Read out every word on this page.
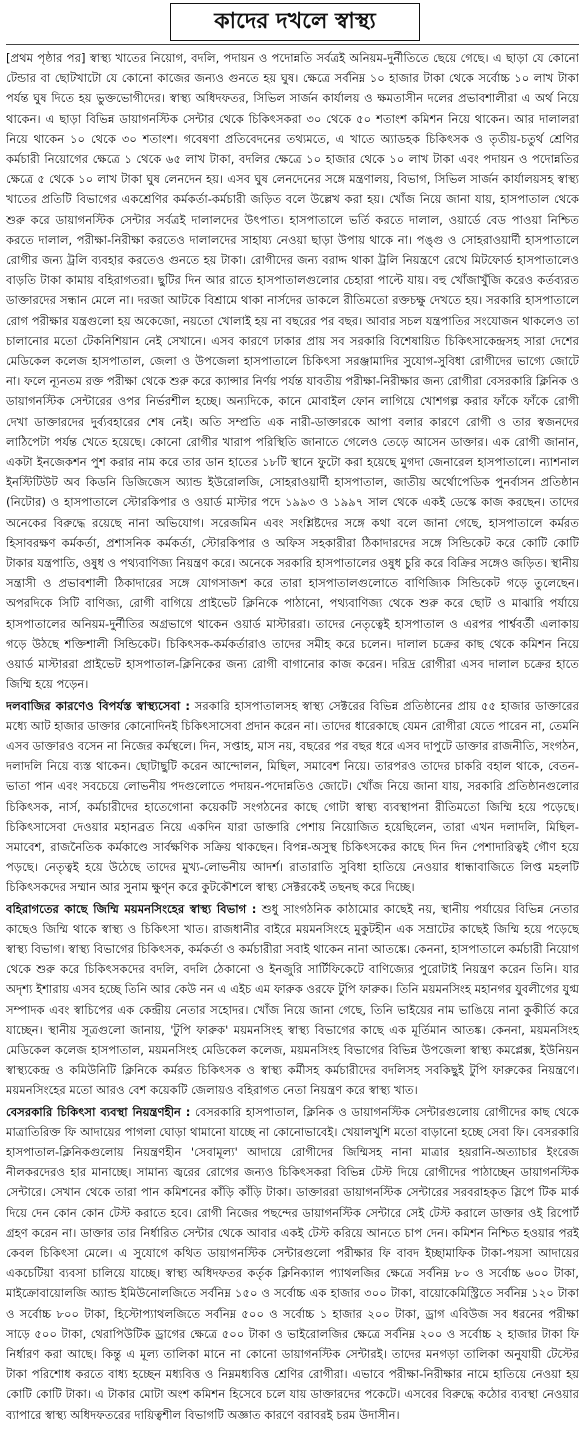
কাদের দখলে স্বাস্থ্য

[প্রথম পৃষ্ঠার পর] স্বাস্থ্য খাতের নিয়োগ, বদলি, পদায়ন ও পদোন্নতি সর্বত্রই অনিয়ম-দুর্নীতিতে ছেয়ে গেছে। এ ছাড়া যে কোনো টেন্ডার বা ছোটখাটো যে কোনো কাজের জন্যও গুনতে হয় ঘুষ। ক্ষেত্রে সর্বনিম্ন ১০ হাজার টাকা থেকে সর্বোচ্চ ১০ লাখ টাকা পর্যন্ত ঘুষ দিতে হয় ভুক্তভোগীদের। স্বাস্থ্য অধিদফতর, সিভিল সার্জন কার্যালয় ও ক্ষমতাসীন দলের প্রভাবশালীরা এ অর্থ নিয়ে থাকেন। এ ছাড়া বিভিন্ন ডায়াগনস্টিক সেন্টার থেকে চিকিৎসকরা ৩০ থেকে ৫০ শতাংশ কমিশন নিয়ে থাকেন। আর দালালরা নিয়ে থাকেন ১০ থেকে ৩০ শতাংশ। গবেষণা প্রতিবেদনের তথ্যমতে, এ খাতে অ্যাডহক চিকিৎসক ও তৃতীয়-চতুর্থ শ্রেণির কর্মচারী নিয়োগের ক্ষেত্রে ১ থেকে ৬৫ লাখ টাকা, বদলির ক্ষেত্রে ১০ হাজার থেকে ১০ লাখ টাকা এবং পদায়ন ও পদোন্নতির ক্ষেত্রে ৫ থেকে ১০ লাখ টাকা ঘুষ লেনদেন হয়। এসব ঘুষ লেনদেনের সঙ্গে মন্ত্রণালয়, বিভাগ, সিভিল সার্জন কার্যালয়সহ স্বাস্থ্য খাতের প্রতিটি বিভাগের একশ্রেণির কর্মকর্তা-কর্মচারী জড়িত বলে উল্লেখ করা হয়। খোঁজ নিয়ে জানা যায়, হাসপাতাল থেকে শুরু করে ডায়াগনস্টিক সেন্টার সর্বত্রই দালালদের উৎপাত। হাসপাতালে ভর্তি করতে দালাল, ওয়ার্ডে বেড পাওয়া নিশ্চিত করতে দালাল, পরীক্ষা-নিরীক্ষা করতেও দালালদের সাহায্য নেওয়া ছাড়া উপায় থাকে না। পঙ্গু ও সোহরাওয়ার্দী হাসপাতালে রোগীর জন্য ট্রলি ব্যবহার করতেও গুনতে হয় টাকা। রোগীদের জন্য বরাদ্দ থাকা ট্রলি নিয়ন্ত্রণে রেখে মিটফোর্ড হাসপাতালেও বাড়তি টাকা কামায় বহিরাগতরা। ছুটির দিন আর রাতে হাসপাতালগুলোর চেহারা পাল্টে যায়। বহু খোঁজাখুঁজি করেও কর্তব্যরত ডাক্তারদের সন্ধান মেলে না। দরজা আটকে বিশ্রামে থাকা নার্সদের ডাকলে রীতিমতো রক্তচক্ষু দেখতে হয়। সরকারি হাসপাতালে রোগ পরীক্ষার যন্ত্রগুলো হয় অকেজো, নয়তো খোলাই হয় না বছরের পর বছর। আবার সচল যন্ত্রপাতির সংযোজন থাকলেও তা চালানোর মতো টেকনিশিয়ান নেই সেখানে। এসব কারণে ঢাকার প্রায় সব সরকারি বিশেষায়িত চিকিৎসাকেন্দ্রসহ সারা দেশের মেডিকেল কলেজ হাসপাতাল, জেলা ও উপজেলা হাসপাতালে চিকিৎসা সরঞ্জামাদির সুযোগ-সুবিধা রোগীদের ভাগ্যে জোটে না। ফলে ন্যূনতম রক্ত পরীক্ষা থেকে শুরু করে ক্যান্সার নির্ণয় পর্যন্ত যাবতীয় পরীক্ষা-নিরীক্ষার জন্য রোগীরা বেসরকারি ক্লিনিক ও ডায়াগনস্টিক সেন্টারের ওপর নির্ভরশীল হচ্ছে। অন্যদিকে, কানে মোবাইল ফোন লাগিয়ে খোশগল্প করার ফাঁকে ফাঁকে রোগী দেখা ডাক্তারদের দুর্ব্যবহারের শেষ নেই। অতি সম্প্রতি এক নারী-ডাক্তারকে আপা বলার কারণে রোগী ও তার স্বজনদের লাঠিপেটা পর্যন্ত খেতে হয়েছে। কোনো রোগীর খারাপ পরিস্থিতি জানাতে গেলেও তেড়ে আসেন ডাক্তার। এক রোগী জানান, একটা ইনজেকশন পুশ করার নাম করে তার ডান হাতের ১৮টি স্থানে ফুটো করা হয়েছে মুগদা জেনারেল হাসপাতালে। ন্যাশনাল ইনস্টিটিউট অব কিডনি ডিজিজেস অ্যান্ড ইউরোলজি, সোহরাওয়ার্দী হাসপাতাল, জাতীয় অর্থোপেডিক পুনর্বাসন প্রতিষ্ঠান (নিটোর) ও হাসপাতালে স্টোরকিপার ও ওয়ার্ড মাস্টার পদে ১৯৯৩ ও ১৯৯৭ সাল থেকে একই ডেস্কে কাজ করছেন। তাদের অনেকের বিরুদ্ধে রয়েছে নানা অভিযোগ। সরেজমিন এবং সংশ্লিষ্টদের সঙ্গে কথা বলে জানা গেছে, হাসপাতালে কর্মরত হিসাবরক্ষণ কর্মকর্তা, প্রশাসনিক কর্মকর্তা, স্টোরকিপার ও অফিস সহকারীরা ঠিকাদারদের সঙ্গে সিন্ডিকেট করে কোটি কোটি টাকার যন্ত্রপাতি, ওষুধ ও পথ্যবাণিজ্য নিয়ন্ত্রণ করে। অনেকে সরকারি হাসপাতালের ওষুধ চুরি করে বিক্রির সঙ্গেও জড়িত। স্থানীয় সন্ত্রাসী ও প্রভাবশালী ঠিকাদারের সঙ্গে যোগসাজশ করে তারা হাসপাতালগুলোতে বাণিজ্যিক সিন্ডিকেট গড়ে তুলেছেন। অপরদিকে সিটি বাণিজ্য, রোগী বাগিয়ে প্রাইভেট ক্লিনিকে পাঠানো, পথ্যবাণিজ্য থেকে শুরু করে ছোট ও মাঝারি পর্যায়ে হাসপাতালের অনিয়ম-দুর্নীতির অগ্রভাগে থাকেন ওয়ার্ড মাস্টাররা। তাদের নেতৃত্বেই হাসপাতাল ও এরপর পার্শ্ববর্তী এলাকায় গড়ে উঠছে শক্তিশালী সিন্ডিকেট। চিকিৎসক-কর্মকর্তারাও তাদের সমীহ করে চলেন। দালাল চক্রের কাছ থেকে কমিশন নিয়ে ওয়ার্ড মাস্টাররা প্রাইভেট হাসপাতাল-ক্লিনিকের জন্য রোগী বাগানোর কাজ করেন। দরিদ্র রোগীরা এসব দালাল চক্রের হাতে জিম্মি হয়ে পড়েন।

দলবাজির কারণেও বিপর্যস্ত স্বাস্থ্যসেবা : সরকারি হাসপাতালসহ স্বাস্থ্য সেক্টরের বিভিন্ন প্রতিষ্ঠানের প্রায় ৫৫ হাজার ডাক্তারের মধ্যে আট হাজার ডাক্তার কোনোদিনই চিকিৎসাসেবা প্রদান করেন না। তাদের ধারেকাছে যেমন রোগীরা যেতে পারেন না, তেমনি এসব ডাক্তারও বসেন না নিজের কর্মস্থলে। দিন, সপ্তাহ, মাস নয়, বছরের পর বছর ধরে এসব দাপুটে ডাক্তার রাজনীতি, সংগঠন, দলাদলি নিয়ে ব্যস্ত থাকেন। ছোটাছুটি করেন আন্দোলন, মিছিল, সমাবেশ নিয়ে। তারপরও তাদের চাকরি বহাল থাকে, বেতন-ভাতা পান এবং সবচেয়ে লোভনীয় পদগুলোতে পদায়ন-পদোন্নতিও জোটে। খোঁজ নিয়ে জানা যায়, সরকারি প্রতিষ্ঠানগুলোর চিকিৎসক, নার্স, কর্মচারীদের হাতেগোনা কয়েকটি সংগঠনের কাছে গোটা স্বাস্থ্য ব্যবস্থাপনা রীতিমতো জিম্মি হয়ে পড়েছে। চিকিৎসাসেবা দেওয়ার মহানব্রত নিয়ে একদিন যারা ডাক্তারি পেশায় নিয়োজিত হয়েছিলেন, তারা এখন দলাদলি, মিছিল-সমাবেশ, রাজনৈতিক কর্মকাণ্ডে সার্বক্ষণিক সক্রিয় থাকছেন। বিপন্ন-অসুস্থ চিকিৎসকের কাছে দিন দিন পেশাদারিত্বই গৌণ হয়ে পড়ছে। নেতৃত্বই হয়ে উঠেছে তাদের মুখ্য-লোভনীয় আদর্শ। রাতারাতি সুবিধা হাতিয়ে নেওয়ার ধান্ধাবাজিতে লিপ্ত মহলটি চিকিৎসকদের সম্মান আর সুনাম ক্ষুণ্ন করে কুটকৌশলে স্বাস্থ্য সেক্টরকেই তছনছ করে দিচ্ছে।

বহিরাগতের কাছে জিম্মি ময়মনসিংহের স্বাস্থ্য বিভাগ : শুধু সাংগঠনিক কাঠামোর কাছেই নয়, স্থানীয় পর্যায়ের বিভিন্ন নেতার কাছেও জিম্মি থাকে স্বাস্থ্য ও চিকিৎসা খাত। রাজধানীর বাইরে ময়মনসিংহে মুকুটহীন এক সম্রাটের কাছেই জিম্মি হয়ে পড়েছে স্বাস্থ্য বিভাগ। স্বাস্থ্য বিভাগের চিকিৎসক, কর্মকর্তা ও কর্মচারীরা সবাই থাকেন নানা আতঙ্কে। কেননা, হাসপাতালে কর্মচারী নিয়োগ থেকে শুরু করে চিকিৎসকদের বদলি, বদলি ঠেকানো ও ইনজুরি সার্টিফিকেটে বাণিজ্যের পুরোটাই নিয়ন্ত্রণ করেন তিনি। যার অদৃশ্য ইশারায় এসব হচ্ছে তিনি আর কেউ নন এ এইচ এম ফারুক ওরফে টুপি ফারুক। তিনি ময়মনসিংহ মহানগর যুবলীগের যুগ্ম সম্পাদক এবং স্বাচিপের এক কেন্দ্রীয় নেতার সহোদর। খোঁজ নিয়ে জানা গেছে, তিনি ভাইয়ের নাম ভাঙিয়ে নানা কুকীর্তি করে যাচ্ছেন। স্থানীয় সূত্রগুলো জানায়, 'টুপি ফারুক' ময়মনসিংহ স্বাস্থ্য বিভাগের কাছে এক মূর্তিমান আতঙ্ক। কেননা, ময়মনসিংহ মেডিকেল কলেজ হাসপাতাল, ময়মনসিংহ মেডিকেল কলেজ, ময়মনসিংহ বিভাগের বিভিন্ন উপজেলা স্বাস্থ্য কমপ্লেক্স, ইউনিয়ন স্বাস্থ্যকেন্দ্র ও কমিউনিটি ক্লিনিকে কর্মরত চিকিৎসক ও স্বাস্থ্য কর্মীসহ কর্মচারীদের বদলিসহ সবকিছুই টুপি ফারুকের নিয়ন্ত্রণে। ময়মনসিংহের মতো আরও বেশ কয়েকটি জেলায়ও বহিরাগত নেতা নিয়ন্ত্রণ করে স্বাস্থ্য খাত।

বেসরকারি চিকিৎসা ব্যবস্থা নিয়ন্ত্রণহীন : বেসরকারি হাসপাতাল, ক্লিনিক ও ডায়াগনস্টিক সেন্টারগুলোয় রোগীদের কাছ থেকে মাত্রাতিরিক্ত ফি আদায়ের পাগলা ঘোড়া থামানো যাচ্ছে না কোনোভাবেই। খেয়ালখুশি মতো বাড়ানো হচ্ছে সেবা ফি। বেসরকারি হাসপাতাল-ক্লিনিকগুলোয় নিয়ন্ত্রণহীন 'সেবামূল্য' আদায়ে রোগীদের জিম্মিসহ নানা মাত্রার হয়রানি-অত্যাচার ইংরেজ নীলকরদেরও হার মানাচ্ছে। সামান্য জ্বরের রোগের জন্যও চিকিৎসকরা বিভিন্ন টেস্ট দিয়ে রোগীদের পাঠাচ্ছেন ডায়াগনস্টিক সেন্টারে। সেখান থেকে তারা পান কমিশনের কাঁড়ি কাঁড়ি টাকা। ডাক্তাররা ডায়াগনস্টিক সেন্টারের সরবরাহকৃত স্লিপে টিক মার্ক দিয়ে দেন কোন কোন টেস্ট করাতে হবে। রোগী নিজের পছন্দের ডায়াগনস্টিক সেন্টারে সেই টেস্ট করালে ডাক্তার ওই রিপোর্ট গ্রহণ করেন না। ডাক্তার তার নির্ধারিত সেন্টার থেকে আবার একই টেস্ট করিয়ে আনতে চাপ দেন। কমিশন নিশ্চিত হওয়ার পরই কেবল চিকিৎসা মেলে। এ সুযোগে কথিত ডায়াগনস্টিক সেন্টারগুলো পরীক্ষার ফি বাবদ ইচ্ছামাফিক টাকা-পয়সা আদায়ের একচেটিয়া ব্যবসা চালিয়ে যাচ্ছে। স্বাস্থ্য অধিদফতর কর্তৃক ক্লিনিক্যাল প্যাথলজির ক্ষেত্রে সর্বনিম্ন ৮০ ও সর্বোচ্চ ৬০০ টাকা, মাইক্রোবায়োলজি অ্যান্ড ইমিউনোলজিতে সর্বনিম্ন ১৫০ ও সর্বোচ্চ এক হাজার ৩০০ টাকা, বায়োকেমিস্ট্রিতে সর্বনিম্ন ১২০ টাকা ও সর্বোচ্চ ৮০০ টাকা, হিস্টোপ্যাথলজিতে সর্বনিম্ন ৫০০ ও সর্বোচ্চ ১ হাজার ২০০ টাকা, ড্রাগ এবিউজ সব ধরনের পরীক্ষা সাড়ে ৫০০ টাকা, থেরাপিউটিক ড্রাগের ক্ষেত্রে ৫০০ টাকা ও ভাইরোলজির ক্ষেত্রে সর্বনিম্ন ২০০ ও সর্বোচ্চ ২ হাজার টাকা ফি নির্ধারণ করা আছে। কিন্তু এ মূল্য তালিকা মানে না কোনো ডায়াগনস্টিক সেন্টারই। তাদের মনগড়া তালিকা অনুযায়ী টেস্টের টাকা পরিশোধ করতে বাধ্য হচ্ছেন মধ্যবিত্ত ও নিম্নমধ্যবিত্ত শ্রেণির রোগীরা। এভাবে পরীক্ষা-নিরীক্ষার নামে হাতিয়ে নেওয়া হয় কোটি কোটি টাকা। এ টাকার মোটা অংশ কমিশন হিসেবে চলে যায় ডাক্তারদের পকেটে। এসবের বিরুদ্ধে কঠোর ব্যবস্থা নেওয়ার ব্যাপারে স্বাস্থ্য অধিদফতরের দায়িত্বশীল বিভাগটি অজ্ঞাত কারণে বরাবরই চরম উদাসীন।
